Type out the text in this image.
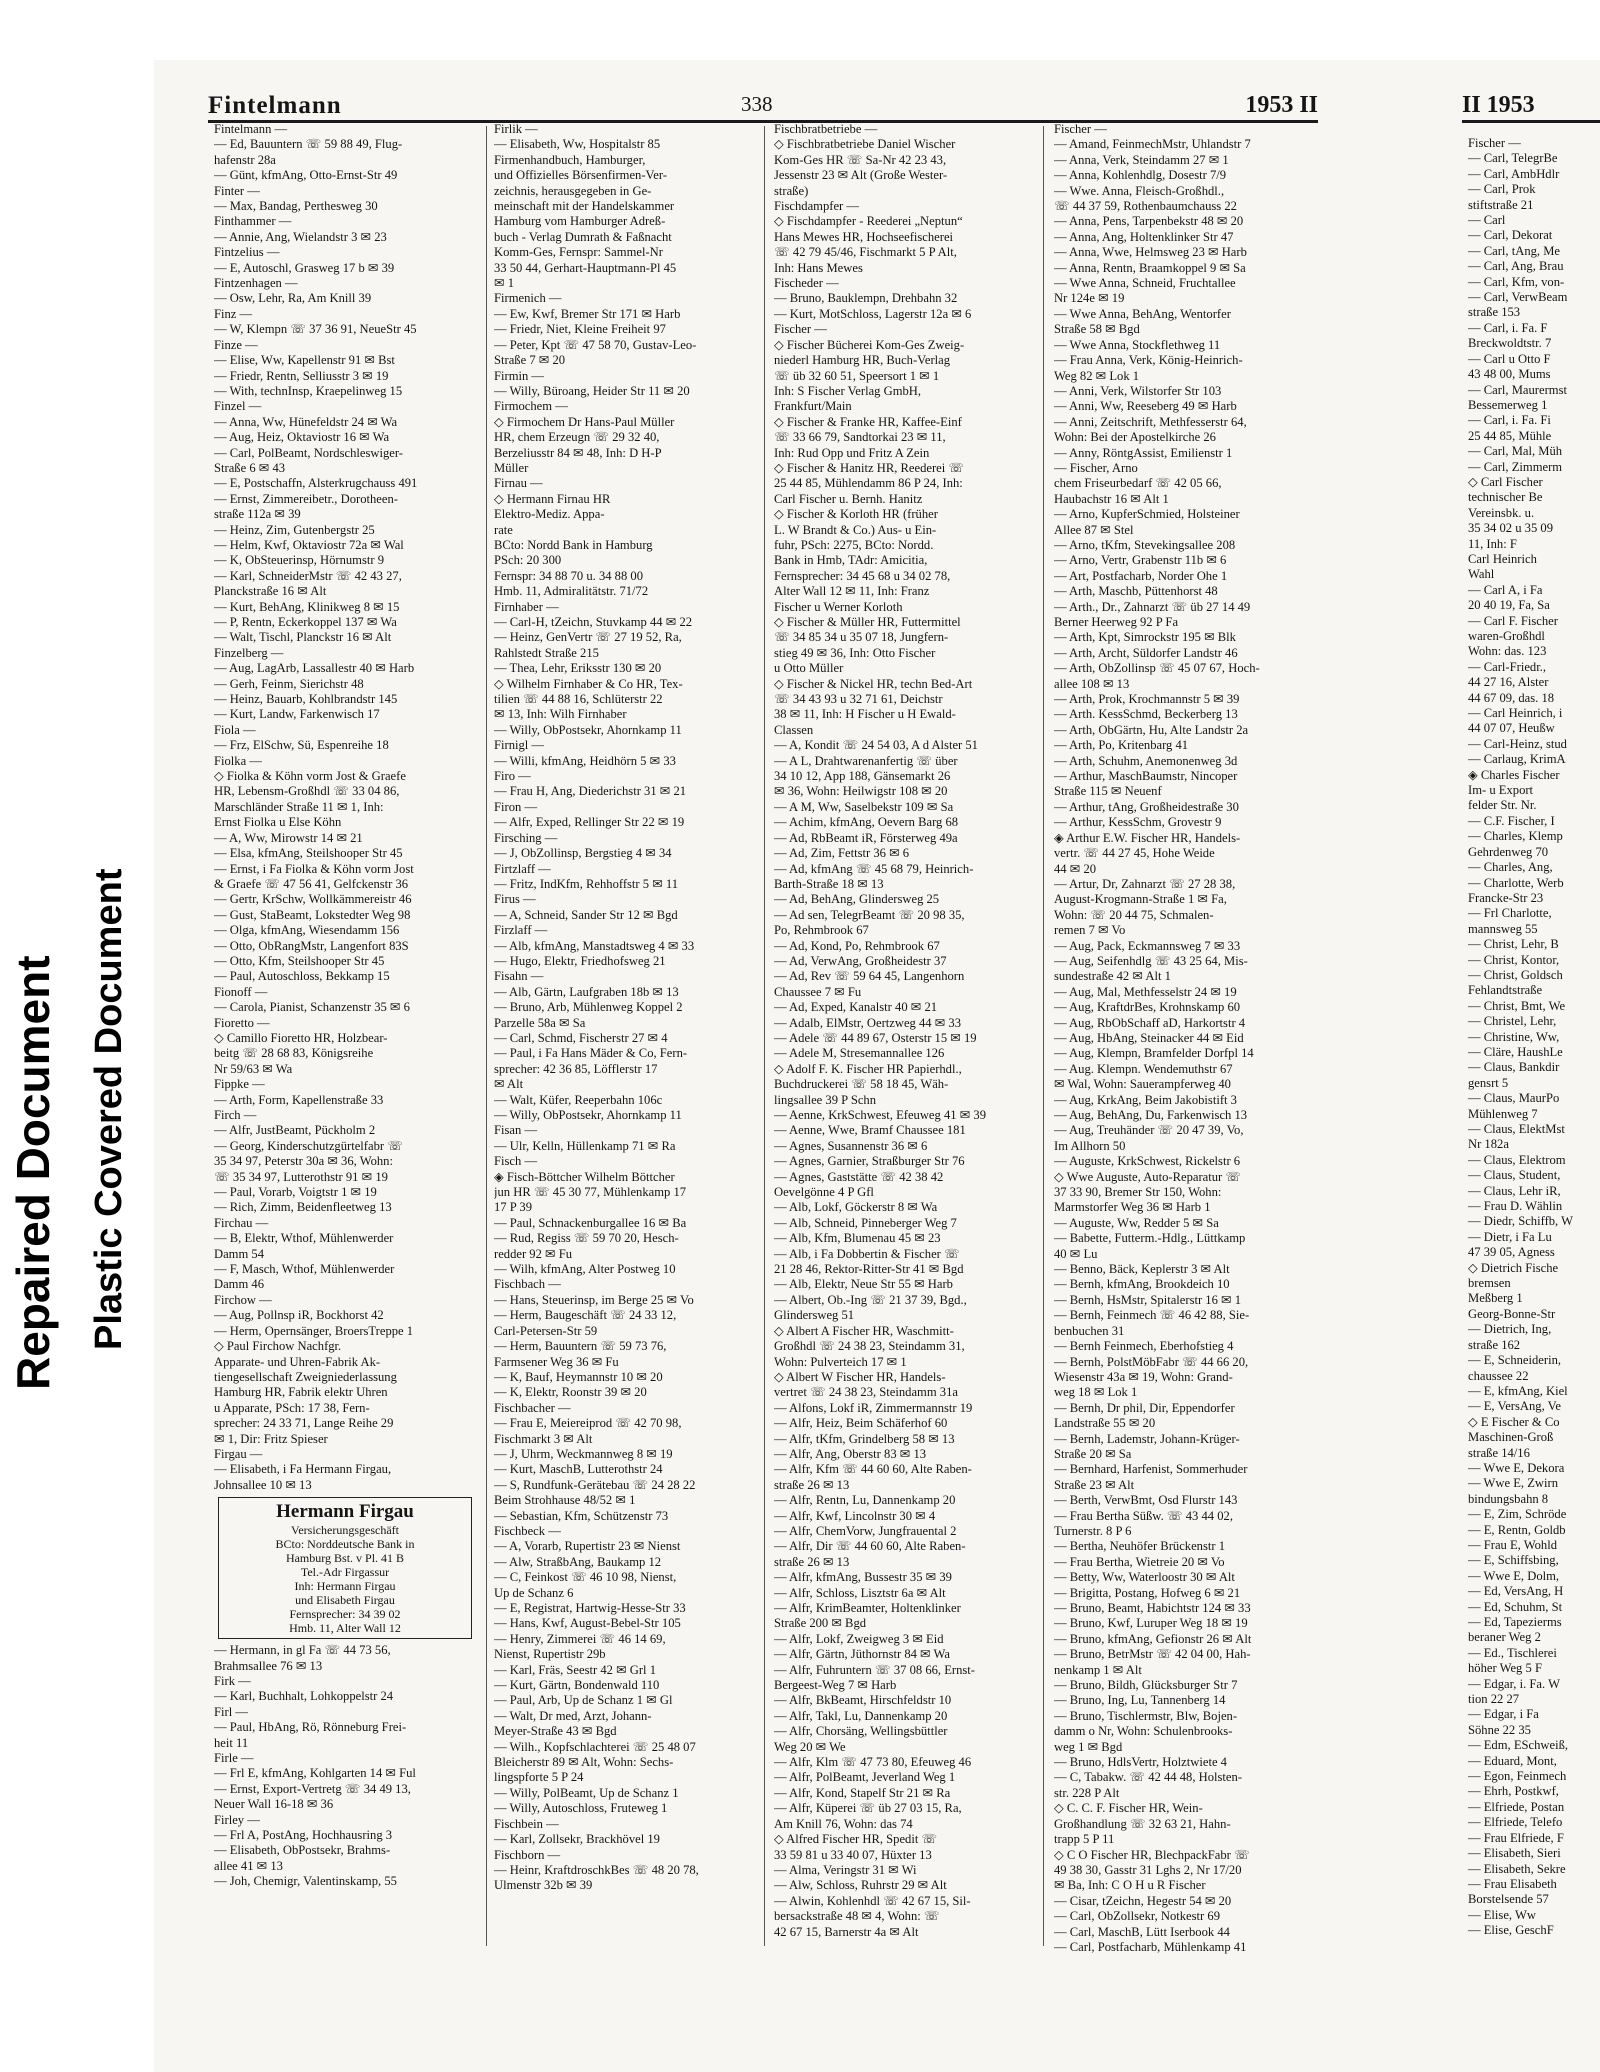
Repaired Document Plastic Covered Document
Fintelmann	338	1953 II
Fintelmann —
— Ed, Bauuntern ☏ 59 88 49, Flug-
hafenstr 28a
— Günt, kfmAng, Otto-Ernst-Str 49
Finter —
— Max, Bandag, Perthesweg 30
Finthammer —
— Annie, Ang, Wielandstr 3 ✉ 23
Fintzelius —
— E, Autoschl, Grasweg 17 b ✉ 39
Fintzenhagen —
— Osw, Lehr, Ra, Am Knill 39
Finz —
— W, Klempn ☏ 37 36 91, NeueStr 45
Finze —
— Elise, Ww, Kapellenstr 91 ✉ Bst
— Friedr, Rentn, Selliusstr 3 ✉ 19
— With, technInsp, Kraepelinweg 15
Finzel —
— Anna, Ww, Hünefeldstr 24 ✉ Wa
— Aug, Heiz, Oktaviostr 16 ✉ Wa
— Carl, PolBeamt, Nordschleswiger-
Straße 6 ✉ 43
— E, Postschaffn, Alsterkrugchauss 491
— Ernst, Zimmereibetr., Dorotheen-
straße 112a ✉ 39
— Heinz, Zim, Gutenbergstr 25
— Helm, Kwf, Oktaviostr 72a ✉ Wal
— K, ObSteuerinsp, Hörnumstr 9
— Karl, SchneiderMstr ☏ 42 43 27,
Planckstraße 16 ✉ Alt
— Kurt, BehAng, Klinikweg 8 ✉ 15
— P, Rentn, Eckerkoppel 137 ✉ Wa
— Walt, Tischl, Planckstr 16 ✉ Alt
Finzelberg —
— Aug, LagArb, Lassallestr 40 ✉ Harb
— Gerh, Feinm, Sierichstr 48
— Heinz, Bauarb, Kohlbrandstr 145
— Kurt, Landw, Farkenwisch 17
Fiola —
— Frz, ElSchw, Sü, Espenreihe 18
Fiolka —
◇ Fiolka & Köhn vorm Jost & Graefe
HR, Lebensm-Großhdl ☏ 33 04 86,
Marschländer Straße 11 ✉ 1, Inh:
Ernst Fiolka u Else Köhn
— A, Ww, Mirowstr 14 ✉ 21
— Elsa, kfmAng, Steilshooper Str 45
— Ernst, i Fa Fiolka & Köhn vorm Jost
& Graefe ☏ 47 56 41, Gelfckenstr 36
— Gertr, KrSchw, Wollkämmereistr 46
— Gust, StaBeamt, Lokstedter Weg 98
— Olga, kfmAng, Wiesendamm 156
— Otto, ObRangMstr, Langenfort 83S
— Otto, Kfm, Steilshooper Str 45
— Paul, Autoschloss, Bekkamp 15
Fionoff —
— Carola, Pianist, Schanzenstr 35 ✉ 6
Fioretto —
◇ Camillo Fioretto HR, Holzbear-
beitg ☏ 28 68 83, Königsreihe
Nr 59/63 ✉ Wa
Fippke —
— Arth, Form, Kapellenstraße 33
Firch —
— Alfr, JustBeamt, Pückholm 2
— Georg, Kinderschutzgürtelfabr ☏
35 34 97, Peterstr 30a ✉ 36, Wohn:
☏ 35 34 97, Lutterothstr 91 ✉ 19
— Paul, Vorarb, Voigtstr 1 ✉ 19
— Rich, Zimm, Beidenfleetweg 13
Firchau —
— B, Elektr, Wthof, Mühlenwerder
Damm 54
— F, Masch, Wthof, Mühlenwerder
Damm 46
Firchow —
— Aug, Pollnsp iR, Bockhorst 42
— Herm, Opernsänger, BroersTreppe 1
◇ Paul Firchow Nachfgr.
Apparate- und Uhren-Fabrik Ak-
tiengesellschaft Zweigniederlassung
Hamburg HR, Fabrik elektr Uhren
u Apparate, PSch: 17 38, Fern-
sprecher: 24 33 71, Lange Reihe 29
✉ 1, Dir: Fritz Spieser
Firgau —
— Elisabeth, i Fa Hermann Firgau,
Johnsallee 10 ✉ 13
Hermann Firgau
Versicherungsgeschäft
BCto: Norddeutsche Bank in
Hamburg Bst. v Pl. 41 B
Tel.-Adr Firgassur
Inh: Hermann Firgau
und Elisabeth Firgau
Fernsprecher: 34 39 02
Hmb. 11, Alter Wall 12
— Hermann, in gl Fa ☏ 44 73 56,
Brahmsallee 76 ✉ 13
Firk —
— Karl, Buchhalt, Lohkoppelstr 24
Firl —
— Paul, HbAng, Rö, Rönneburg Frei-
heit 11
Firle —
— Frl E, kfmAng, Kohlgarten 14 ✉ Ful
— Ernst, Export-Vertretg ☏ 34 49 13,
Neuer Wall 16-18 ✉ 36
Firley —
— Frl A, PostAng, Hochhausring 3
— Elisabeth, ObPostsekr, Brahms-
allee 41 ✉ 13
— Joh, Chemigr, Valentinskamp, 55
Firlik —
— Elisabeth, Ww, Hospitalstr 85
Firmenhandbuch, Hamburger,
und Offizielles Börsenfirmen-Ver-
zeichnis, herausgegeben in Ge-
meinschaft mit der Handelskammer
Hamburg vom Hamburger Adreß-
buch - Verlag Dumrath & Faßnacht
Komm-Ges, Fernspr: Sammel-Nr
33 50 44, Gerhart-Hauptmann-Pl 45
✉ 1
Firmenich —
— Ew, Kwf, Bremer Str 171 ✉ Harb
— Friedr, Niet, Kleine Freiheit 97
— Peter, Kpt ☏ 47 58 70, Gustav-Leo-
Straße 7 ✉ 20
Firmin —
— Willy, Büroang, Heider Str 11 ✉ 20
Firmochem —
◇ Firmochem Dr Hans-Paul Müller
HR, chem Erzeugn ☏ 29 32 40,
Berzeliusstr 84 ✉ 48, Inh: D H-P
Müller
Firnau —
◇ Hermann Firnau HR
Elektro-Mediz. Appa-
rate
BCto: Nordd Bank in Hamburg
PSch: 20 300
Fernspr: 34 88 70 u. 34 88 00
Hmb. 11, Admiralitätstr. 71/72
Firnhaber —
— Carl-H, tZeichn, Stuvkamp 44 ✉ 22
— Heinz, GenVertr ☏ 27 19 52, Ra,
Rahlstedt Straße 215
— Thea, Lehr, Eriksstr 130 ✉ 20
◇ Wilhelm Firnhaber & Co HR, Tex-
tilien ☏ 44 88 16, Schlüterstr 22
✉ 13, Inh: Wilh Firnhaber
— Willy, ObPostsekr, Ahornkamp 11
Firnigl —
— Willi, kfmAng, Heidhörn 5 ✉ 33
Firo —
— Frau H, Ang, Diederichstr 31 ✉ 21
Firon —
— Alfr, Exped, Rellinger Str 22 ✉ 19
Firsching —
— J, ObZollinsp, Bergstieg 4 ✉ 34
Firtzlaff —
— Fritz, IndKfm, Rehhoffstr 5 ✉ 11
Firus —
— A, Schneid, Sander Str 12 ✉ Bgd
Firzlaff —
— Alb, kfmAng, Manstadtsweg 4 ✉ 33
— Hugo, Elektr, Friedhofsweg 21
Fisahn —
— Alb, Gärtn, Laufgraben 18b ✉ 13
— Bruno, Arb, Mühlenweg Koppel 2
Parzelle 58a ✉ Sa
— Carl, Schmd, Fischerstr 27 ✉ 4
— Paul, i Fa Hans Mäder & Co, Fern-
sprecher: 42 36 85, Löfflerstr 17
✉ Alt
— Walt, Küfer, Reeperbahn 106c
— Willy, ObPostsekr, Ahornkamp 11
Fisan —
— Ulr, Kelln, Hüllenkamp 71 ✉ Ra
Fisch —
◈ Fisch-Böttcher Wilhelm Böttcher
jun HR ☏ 45 30 77, Mühlenkamp 17
17 P 39
— Paul, Schnackenburgallee 16 ✉ Ba
— Rud, Regiss ☏ 59 70 20, Hesch-
redder 92 ✉ Fu
— Wilh, kfmAng, Alter Postweg 10
Fischbach —
— Hans, Steuerinsp, im Berge 25 ✉ Vo
— Herm, Baugeschäft ☏ 24 33 12,
Carl-Petersen-Str 59
— Herm, Bauuntern ☏ 59 73 76,
Farmsener Weg 36 ✉ Fu
— K, Bauf, Heymannstr 10 ✉ 20
— K, Elektr, Roonstr 39 ✉ 20
Fischbacher —
— Frau E, Meiereiprod ☏ 42 70 98,
Fischmarkt 3 ✉ Alt
— J, Uhrm, Weckmannweg 8 ✉ 19
— Kurt, MaschB, Lutterothstr 24
— S, Rundfunk-Gerätebau ☏ 24 28 22
Beim Strohhause 48/52 ✉ 1
— Sebastian, Kfm, Schützenstr 73
Fischbeck —
— A, Vorarb, Rupertistr 23 ✉ Nienst
— Alw, StraßbAng, Baukamp 12
— C, Feinkost ☏ 46 10 98, Nienst,
Up de Schanz 6
— E, Registrat, Hartwig-Hesse-Str 33
— Hans, Kwf, August-Bebel-Str 105
— Henry, Zimmerei ☏ 46 14 69,
Nienst, Rupertistr 29b
— Karl, Fräs, Seestr 42 ✉ Grl 1
— Kurt, Gärtn, Bondenwald 110
— Paul, Arb, Up de Schanz 1 ✉ Gl
— Walt, Dr med, Arzt, Johann-
Meyer-Straße 43 ✉ Bgd
— Wilh., Kopfschlachterei ☏ 25 48 07
Bleicherstr 89 ✉ Alt, Wohn: Sechs-
lingspforte 5 P 24
— Willy, PolBeamt, Up de Schanz 1
— Willy, Autoschloss, Fruteweg 1
Fischbein —
— Karl, Zollsekr, Brackhövel 19
Fischborn —
— Heinr, KraftdroschkBes ☏ 48 20 78,
Ulmenstr 32b ✉ 39
Fischbratbetriebe —
◇ Fischbratbetriebe Daniel Wischer
Kom-Ges HR ☏ Sa-Nr 42 23 43,
Jessenstr 23 ✉ Alt (Große Wester-
straße)
Fischdampfer —
◇ Fischdampfer - Reederei „Neptun“
Hans Mewes HR, Hochseefischerei
☏ 42 79 45/46, Fischmarkt 5 P Alt,
Inh: Hans Mewes
Fischeder —
— Bruno, Bauklempn, Drehbahn 32
— Kurt, MotSchloss, Lagerstr 12a ✉ 6
Fischer —
◇ Fischer Bücherei Kom-Ges Zweig-
niederl Hamburg HR, Buch-Verlag
☏ üb 32 60 51, Speersort 1 ✉ 1
Inh: S Fischer Verlag GmbH,
Frankfurt/Main
◇ Fischer & Franke HR, Kaffee-Einf
☏ 33 66 79, Sandtorkai 23 ✉ 11,
Inh: Rud Opp und Fritz A Zein
◇ Fischer & Hanitz HR, Reederei ☏
25 44 85, Mühlendamm 86 P 24, Inh:
Carl Fischer u. Bernh. Hanitz
◇ Fischer & Korloth HR (früher
L. W Brandt & Co.) Aus- u Ein-
fuhr, PSch: 2275, BCto: Nordd.
Bank in Hmb, TAdr: Amicitia,
Fernsprecher: 34 45 68 u 34 02 78,
Alter Wall 12 ✉ 11, Inh: Franz
Fischer u Werner Korloth
◇ Fischer & Müller HR, Futtermittel
☏ 34 85 34 u 35 07 18, Jungfern-
stieg 49 ✉ 36, Inh: Otto Fischer
u Otto Müller
◇ Fischer & Nickel HR, techn Bed-Art
☏ 34 43 93 u 32 71 61, Deichstr
38 ✉ 11, Inh: H Fischer u H Ewald-
Classen
— A, Kondit ☏ 24 54 03, A d Alster 51
— A L, Drahtwarenanfertig ☏ über
34 10 12, App 188, Gänsemarkt 26
✉ 36, Wohn: Heilwigstr 108 ✉ 20
— A M, Ww, Saselbekstr 109 ✉ Sa
— Achim, kfmAng, Oevern Barg 68
— Ad, RbBeamt iR, Försterweg 49a
— Ad, Zim, Fettstr 36 ✉ 6
— Ad, kfmAng ☏ 45 68 79, Heinrich-
Barth-Straße 18 ✉ 13
— Ad, BehAng, Glindersweg 25
— Ad sen, TelegrBeamt ☏ 20 98 35,
Po, Rehmbrook 67
— Ad, Kond, Po, Rehmbrook 67
— Ad, VerwAng, Großheidestr 37
— Ad, Rev ☏ 59 64 45, Langenhorn
Chaussee 7 ✉ Fu
— Ad, Exped, Kanalstr 40 ✉ 21
— Adalb, ElMstr, Oertzweg 44 ✉ 33
— Adele ☏ 44 89 67, Osterstr 15 ✉ 19
— Adele M, Stresemannallee 126
◇ Adolf F. K. Fischer HR Papierhdl.,
Buchdruckerei ☏ 58 18 45, Wäh-
lingsallee 39 P Schn
— Aenne, KrkSchwest, Efeuweg 41 ✉ 39
— Aenne, Wwe, Bramf Chaussee 181
— Agnes, Susannenstr 36 ✉ 6
— Agnes, Garnier, Straßburger Str 76
— Agnes, Gaststätte ☏ 42 38 42
Oevelgönne 4 P Gfl
— Alb, Lokf, Göckerstr 8 ✉ Wa
— Alb, Schneid, Pinneberger Weg 7
— Alb, Kfm, Blumenau 45 ✉ 23
— Alb, i Fa Dobbertin & Fischer ☏
21 28 46, Rektor-Ritter-Str 41 ✉ Bgd
— Alb, Elektr, Neue Str 55 ✉ Harb
— Albert, Ob.-Ing ☏ 21 37 39, Bgd.,
Glindersweg 51
◇ Albert A Fischer HR, Waschmitt-
Großhdl ☏ 24 38 23, Steindamm 31,
Wohn: Pulverteich 17 ✉ 1
◇ Albert W Fischer HR, Handels-
vertret ☏ 24 38 23, Steindamm 31a
— Alfons, Lokf iR, Zimmermannstr 19
— Alfr, Heiz, Beim Schäferhof 60
— Alfr, tKfm, Grindelberg 58 ✉ 13
— Alfr, Ang, Oberstr 83 ✉ 13
— Alfr, Kfm ☏ 44 60 60, Alte Raben-
straße 26 ✉ 13
— Alfr, Rentn, Lu, Dannenkamp 20
— Alfr, Kwf, Lincolnstr 30 ✉ 4
— Alfr, ChemVorw, Jungfrauental 2
— Alfr, Dir ☏ 44 60 60, Alte Raben-
straße 26 ✉ 13
— Alfr, kfmAng, Bussestr 35 ✉ 39
— Alfr, Schloss, Lisztstr 6a ✉ Alt
— Alfr, KrimBeamter, Holtenklinker
Straße 200 ✉ Bgd
— Alfr, Lokf, Zweigweg 3 ✉ Eid
— Alfr, Gärtn, Jüthornstr 84 ✉ Wa
— Alfr, Fuhruntern ☏ 37 08 66, Ernst-
Bergeest-Weg 7 ✉ Harb
— Alfr, BkBeamt, Hirschfeldstr 10
— Alfr, Takl, Lu, Dannenkamp 20
— Alfr, Chorsäng, Wellingsbüttler
Weg 20 ✉ We
— Alfr, Klm ☏ 47 73 80, Efeuweg 46
— Alfr, PolBeamt, Jeverland Weg 1
— Alfr, Kond, Stapelf Str 21 ✉ Ra
— Alfr, Küperei ☏ üb 27 03 15, Ra,
Am Knill 76, Wohn: das 74
◇ Alfred Fischer HR, Spedit ☏
33 59 81 u 33 40 07, Hüxter 13
— Alma, Veringstr 31 ✉ Wi
— Alw, Schloss, Ruhrstr 29 ✉ Alt
— Alwin, Kohlenhdl ☏ 42 67 15, Sil-
bersackstraße 48 ✉ 4, Wohn: ☏
42 67 15, Barnerstr 4a ✉ Alt
Fischer —
— Amand, FeinmechMstr, Uhlandstr 7
— Anna, Verk, Steindamm 27 ✉ 1
— Anna, Kohlenhdlg, Dosestr 7/9
— Wwe. Anna, Fleisch-Großhdl.,
☏ 44 37 59, Rothenbaumchauss 22
— Anna, Pens, Tarpenbekstr 48 ✉ 20
— Anna, Ang, Holtenklinker Str 47
— Anna, Wwe, Helmsweg 23 ✉ Harb
— Anna, Rentn, Braamkoppel 9 ✉ Sa
— Wwe Anna, Schneid, Fruchtallee
Nr 124e ✉ 19
— Wwe Anna, BehAng, Wentorfer
Straße 58 ✉ Bgd
— Wwe Anna, Stockflethweg 11
— Frau Anna, Verk, König-Heinrich-
Weg 82 ✉ Lok 1
— Anni, Verk, Wilstorfer Str 103
— Anni, Ww, Reeseberg 49 ✉ Harb
— Anni, Zeitschrift, Methfesserstr 64,
Wohn: Bei der Apostelkirche 26
— Anny, RöntgAssist, Emilienstr 1
— Fischer, Arno
chem Friseurbedarf ☏ 42 05 66,
Haubachstr 16 ✉ Alt 1
— Arno, KupferSchmied, Holsteiner
Allee 87 ✉ Stel
— Arno, tKfm, Stevekingsallee 208
— Arno, Vertr, Grabenstr 11b ✉ 6
— Art, Postfacharb, Norder Ohe 1
— Arth, Maschb, Püttenhorst 48
— Arth., Dr., Zahnarzt ☏ üb 27 14 49
Berner Heerweg 92 P Fa
— Arth, Kpt, Simrockstr 195 ✉ Blk
— Arth, Archt, Süldorfer Landstr 46
— Arth, ObZollinsp ☏ 45 07 67, Hoch-
allee 108 ✉ 13
— Arth, Prok, Krochmannstr 5 ✉ 39
— Arth. KessSchmd, Beckerberg 13
— Arth, ObGärtn, Hu, Alte Landstr 2a
— Arth, Po, Kritenbarg 41
— Arth, Schuhm, Anemonenweg 3d
— Arthur, MaschBaumstr, Nincoper
Straße 115 ✉ Neuenf
— Arthur, tAng, Großheidestraße 30
— Arthur, KessSchm, Grovestr 9
◈ Arthur E.W. Fischer HR, Handels-
vertr. ☏ 44 27 45, Hohe Weide
44 ✉ 20
— Artur, Dr, Zahnarzt ☏ 27 28 38,
August-Krogmann-Straße 1 ✉ Fa,
Wohn: ☏ 20 44 75, Schmalen-
remen 7 ✉ Vo
— Aug, Pack, Eckmannsweg 7 ✉ 33
— Aug, Seifenhdlg ☏ 43 25 64, Mis-
sundestraße 42 ✉ Alt 1
— Aug, Mal, Methfesselstr 24 ✉ 19
— Aug, KraftdrBes, Krohnskamp 60
— Aug, RbObSchaff aD, Harkortstr 4
— Aug, HbAng, Steinacker 44 ✉ Eid
— Aug, Klempn, Bramfelder Dorfpl 14
— Aug. Klempn. Wendemuthstr 67
✉ Wal, Wohn: Sauerampferweg 40
— Aug, KrkAng, Beim Jakobistift 3
— Aug, BehAng, Du, Farkenwisch 13
— Aug, Treuhänder ☏ 20 47 39, Vo,
Im Allhorn 50
— Auguste, KrkSchwest, Rickelstr 6
◇ Wwe Auguste, Auto-Reparatur ☏
37 33 90, Bremer Str 150, Wohn:
Marmstorfer Weg 36 ✉ Harb 1
— Auguste, Ww, Redder 5 ✉ Sa
— Babette, Futterm.-Hdlg., Lüttkamp
40 ✉ Lu
— Benno, Bäck, Keplerstr 3 ✉ Alt
— Bernh, kfmAng, Brookdeich 10
— Bernh, HsMstr, Spitalerstr 16 ✉ 1
— Bernh, Feinmech ☏ 46 42 88, Sie-
benbuchen 31
— Bernh Feinmech, Eberhofstieg 4
— Bernh, PolstMöbFabr ☏ 44 66 20,
Wiesenstr 43a ✉ 19, Wohn: Grand-
weg 18 ✉ Lok 1
— Bernh, Dr phil, Dir, Eppendorfer
Landstraße 55 ✉ 20
— Bernh, Lademstr, Johann-Krüger-
Straße 20 ✉ Sa
— Bernhard, Harfenist, Sommerhuder
Straße 23 ✉ Alt
— Berth, VerwBmt, Osd Flurstr 143
— Frau Bertha Süßw. ☏ 43 44 02,
Turnerstr. 8 P 6
— Bertha, Neuhöfer Brückenstr 1
— Frau Bertha, Wietreie 20 ✉ Vo
— Betty, Ww, Waterloostr 30 ✉ Alt
— Brigitta, Postang, Hofweg 6 ✉ 21
— Bruno, Beamt, Habichtstr 124 ✉ 33
— Bruno, Kwf, Luruper Weg 18 ✉ 19
— Bruno, kfmAng, Gefionstr 26 ✉ Alt
— Bruno, BetrMstr ☏ 42 04 00, Hah-
nenkamp 1 ✉ Alt
— Bruno, Bildh, Glücksburger Str 7
— Bruno, Ing, Lu, Tannenberg 14
— Bruno, Tischlermstr, Blw, Bojen-
damm o Nr, Wohn: Schulenbrooks-
weg 1 ✉ Bgd
— Bruno, HdlsVertr, Holztwiete 4
— C, Tabakw. ☏ 42 44 48, Holsten-
str. 228 P Alt
◇ C. C. F. Fischer HR, Wein-
Großhandlung ☏ 32 63 21, Hahn-
trapp 5 P 11
◇ C O Fischer HR, BlechpackFabr ☏
49 38 30, Gasstr 31 Lghs 2, Nr 17/20
✉ Ba, Inh: C O H u R Fischer
— Cisar, tZeichn, Hegestr 54 ✉ 20
— Carl, ObZollsekr, Notkestr 69
— Carl, MaschB, Lütt Iserbook 44
— Carl, Postfacharb, Mühlenkamp 41
II 1953
Fischer —
— Carl, TelegrBe
— Carl, AmbHdlr
— Carl, Prok
stiftstraße 21
— Carl
— Carl, Dekorat
— Carl, tAng, Me
— Carl, Ang, Brau
— Carl, Kfm, von-
— Carl, VerwBeam
straße 153
— Carl, i. Fa. F
Breckwoldtstr. 7
— Carl u Otto F
43 48 00, Mums
— Carl, Maurermst
Bessemerweg 1
— Carl, i. Fa. Fi
25 44 85, Mühle
— Carl, Mal, Müh
— Carl, Zimmerm
◇ Carl Fischer
technischer Be
Vereinsbk. u.
35 34 02 u 35 09
11, Inh: F
Carl Heinrich
Wahl
— Carl A, i Fa
20 40 19, Fa, Sa
— Carl F. Fischer
waren-Großhdl
Wohn: das. 123
— Carl-Friedr.,
44 27 16, Alster
44 67 09, das. 18
— Carl Heinrich, i
44 07 07, Heußw
— Carl-Heinz, stud
— Carlaug, KrimA
◈ Charles Fischer
Im- u Export
felder Str. Nr.
— C.F. Fischer, I
— Charles, Klemp
Gehrdenweg 70
— Charles, Ang,
— Charlotte, Werb
Francke-Str 23
— Frl Charlotte,
mannsweg 55
— Christ, Lehr, B
— Christ, Kontor,
— Christ, Goldsch
Fehlandtstraße
— Christ, Bmt, We
— Christel, Lehr,
— Christine, Ww,
— Cläre, HaushLe
— Claus, Bankdir
gensrt 5
— Claus, MaurPo
Mühlenweg 7
— Claus, ElektMst
Nr 182a
— Claus, Elektrom
— Claus, Student,
— Claus, Lehr iR,
— Frau D. Wählin
— Diedr, Schiffb, W
— Dietr, i Fa Lu
47 39 05, Agness
◇ Dietrich Fische
bremsen
Meßberg 1
Georg-Bonne-Str
— Dietrich, Ing,
straße 162
— E, Schneiderin,
chaussee 22
— E, kfmAng, Kiel
— E, VersAng, Ve
◇ E Fischer & Co
Maschinen-Groß
straße 14/16
— Wwe E, Dekora
— Wwe E, Zwirn
bindungsbahn 8
— E, Zim, Schröde
— E, Rentn, Goldb
— Frau E, Wohld
— E, Schiffsbing,
— Wwe E, Dolm,
— Ed, VersAng, H
— Ed, Schuhm, St
— Ed, Tapezierms
beraner Weg 2
— Ed., Tischlerei
höher Weg 5 F
— Edgar, i. Fa. W
tion 22 27
— Edgar, i Fa
Söhne 22 35
— Edm, ESchweiß,
— Eduard, Mont,
— Egon, Feinmech
— Ehrh, Postkwf,
— Elfriede, Postan
— Elfriede, Telefo
— Frau Elfriede, F
— Elisabeth, Sieri
— Elisabeth, Sekre
— Frau Elisabeth
Borstelsende 57
— Elise, Ww
— Elise, GeschF
